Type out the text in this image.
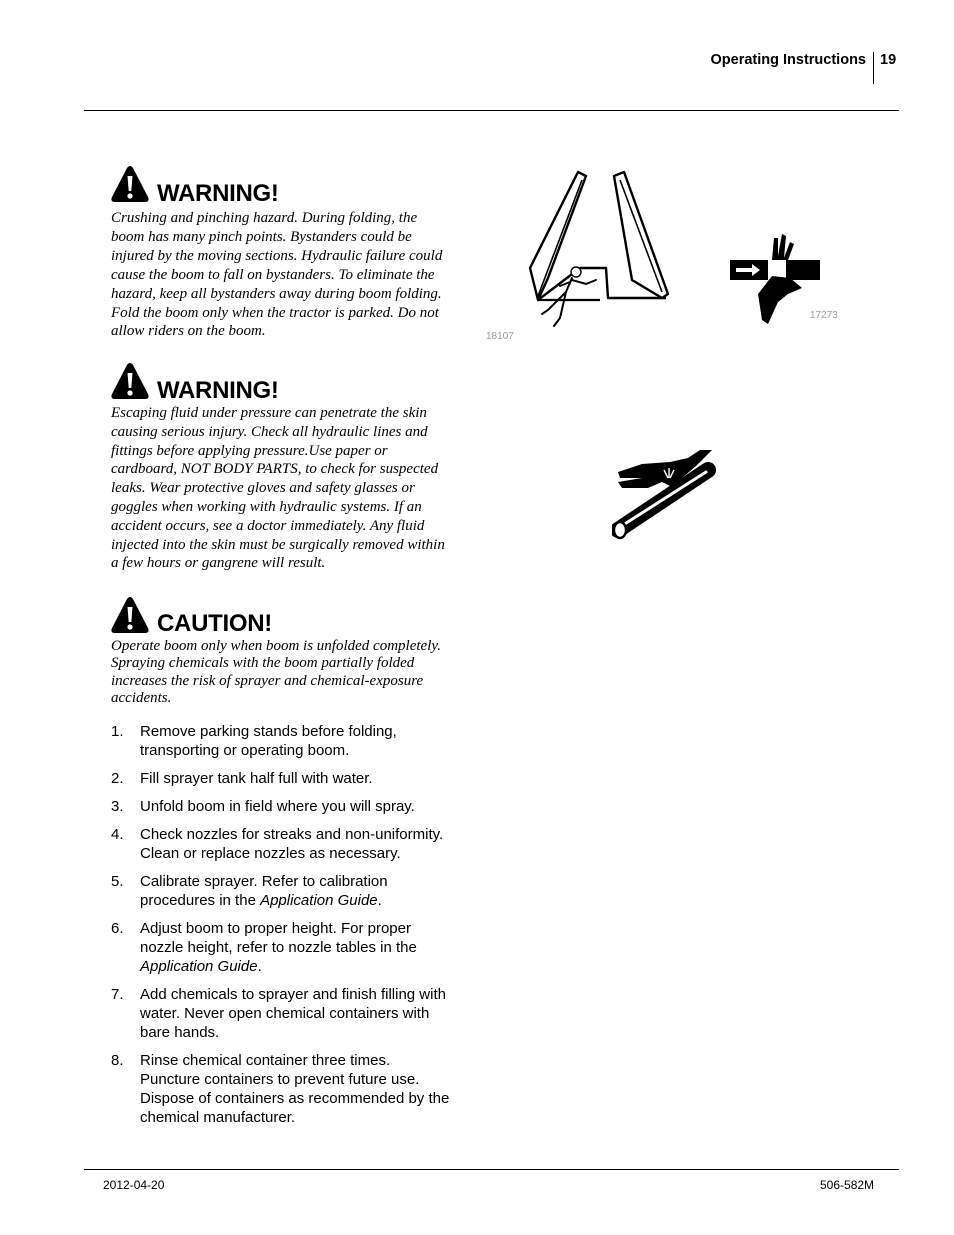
Operating Instructions 19
WARNING!

Crushing and pinching hazard. During folding, the boom has many pinch points. Bystanders could be injured by the moving sections. Hydraulic failure could cause the boom to fall on bystanders. To eliminate the hazard, keep all bystanders away during boom folding. Fold the boom only when the tractor is parked. Do not allow riders on the boom.

WARNING!

Escaping fluid under pressure can penetrate the skin causing serious injury. Check all hydraulic lines and fittings before applying pressure.Use paper or cardboard, NOT BODY PARTS, to check for suspected leaks. Wear protective gloves and safety glasses or goggles when working with hydraulic systems. If an accident occurs, see a doctor immediately. Any fluid injected into the skin must be surgically removed within a few hours or gangrene will result.

CAUTION!

Operate boom only when boom is unfolded completely. Spraying chemicals with the boom partially folded increases the risk of sprayer and chemical-exposure accidents.

1. Remove parking stands before folding, transporting or operating boom.
2. Fill sprayer tank half full with water.
3. Unfold boom in field where you will spray.
4. Check nozzles for streaks and non-uniformity. Clean or replace nozzles as necessary.
5. Calibrate sprayer. Refer to calibration procedures in the Application Guide.
6. Adjust boom to proper height. For proper nozzle height, refer to nozzle tables in the Application Guide.
7. Add chemicals to sprayer and finish filling with water. Never open chemical containers with bare hands.
8. Rinse chemical container three times. Puncture containers to prevent future use. Dispose of containers as recommended by the chemical manufacturer.
18107
17273
2012-04-20	506-582M
